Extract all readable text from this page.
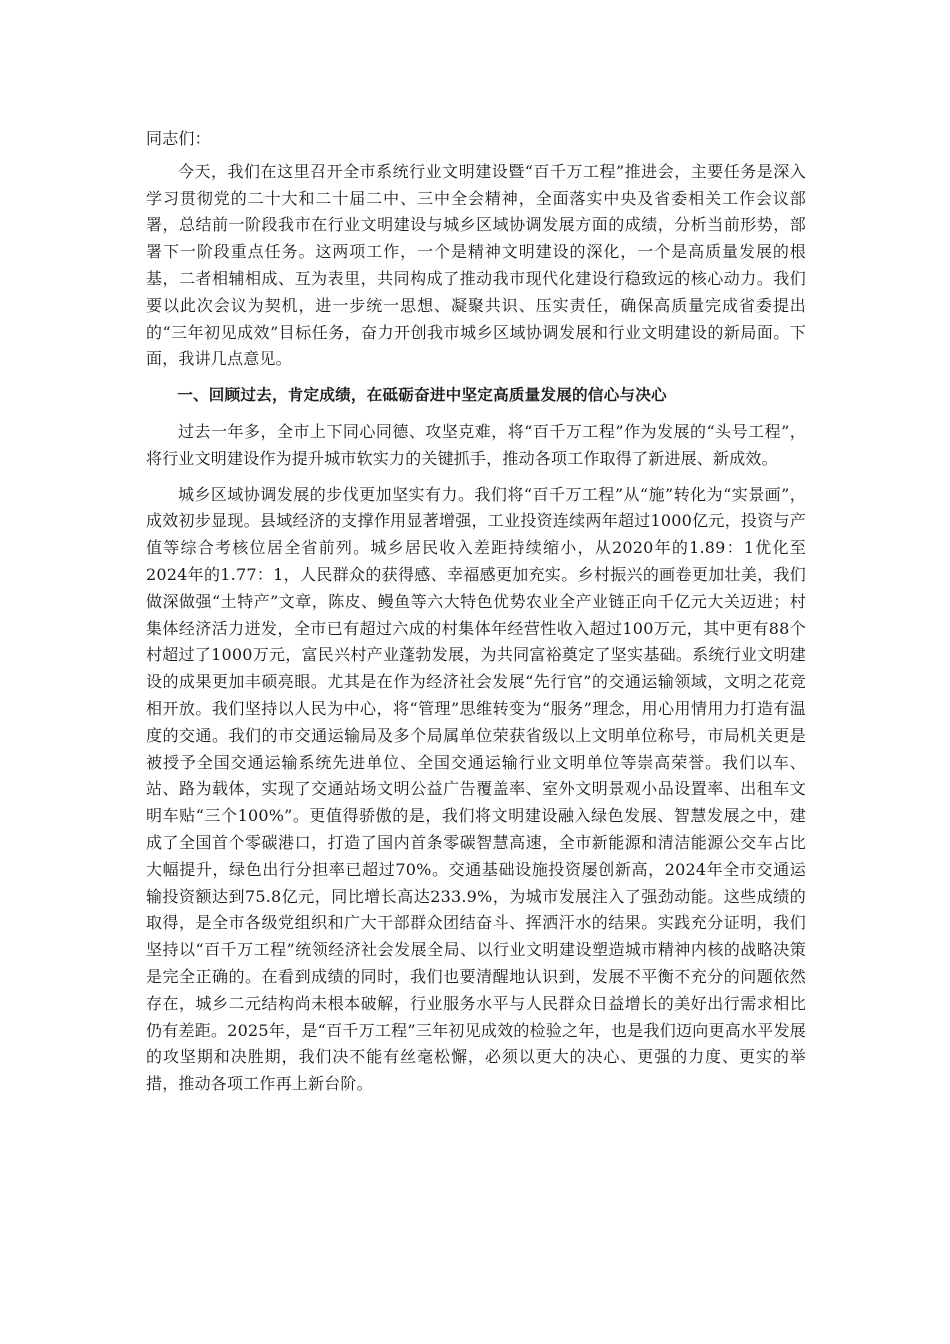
同志们：

今天，我们在这里召开全市系统行业文明建设暨“百千万工程”推进会，主要任务是深入学习贯彻党的二十大和二十届二中、三中全会精神，全面落实中央及省委相关工作会议部署，总结前一阶段我市在行业文明建设与城乡区域协调发展方面的成绩，分析当前形势，部署下一阶段重点任务。这两项工作，一个是精神文明建设的深化，一个是高质量发展的根基，二者相辅相成、互为表里，共同构成了推动我市现代化建设行稳致远的核心动力。我们要以此次会议为契机，进一步统一思想、凝聚共识、压实责任，确保高质量完成省委提出的“三年初见成效”目标任务，奋力开创我市城乡区域协调发展和行业文明建设的新局面。下面，我讲几点意见。

一、回顾过去，肯定成绩，在砥砺奋进中坚定高质量发展的信心与决心

过去一年多，全市上下同心同德、攻坚克难，将“百千万工程”作为发展的“头号工程”，将行业文明建设作为提升城市软实力的关键抓手，推动各项工作取得了新进展、新成效。

城乡区域协调发展的步伐更加坚实有力。我们将“百千万工程”从“施”转化为“实景画”，成效初步显现。县域经济的支撑作用显著增强，工业投资连续两年超过1000亿元，投资与产值等综合考核位居全省前列。城乡居民收入差距持续缩小，从2020年的1.89：1优化至2024年的1.77：1，人民群众的获得感、幸福感更加充实。乡村振兴的画卷更加壮美，我们做深做强“土特产”文章，陈皮、鳗鱼等六大特色优势农业全产业链正向千亿元大关迈进；村集体经济活力迸发，全市已有超过六成的村集体年经营性收入超过100万元，其中更有88个村超过了1000万元，富民兴村产业蓬勃发展，为共同富裕奠定了坚实基础。系统行业文明建设的成果更加丰硕亮眼。尤其是在作为经济社会发展“先行官”的交通运输领域，文明之花竞相开放。我们坚持以人民为中心，将“管理”思维转变为“服务”理念，用心用情用力打造有温度的交通。我们的市交通运输局及多个局属单位荣获省级以上文明单位称号，市局机关更是被授予全国交通运输系统先进单位、全国交通运输行业文明单位等崇高荣誉。我们以车、站、路为载体，实现了交通站场文明公益广告覆盖率、室外文明景观小品设置率、出租车文明车贴“三个100%”。更值得骄傲的是，我们将文明建设融入绿色发展、智慧发展之中，建成了全国首个零碳港口，打造了国内首条零碳智慧高速，全市新能源和清洁能源公交车占比大幅提升，绿色出行分担率已超过70%。交通基础设施投资屡创新高，2024年全市交通运输投资额达到75.8亿元，同比增长高达233.9%，为城市发展注入了强劲动能。这些成绩的取得，是全市各级党组织和广大干部群众团结奋斗、挥洒汗水的结果。实践充分证明，我们坚持以“百千万工程”统领经济社会发展全局、以行业文明建设塑造城市精神内核的战略决策是完全正确的。在看到成绩的同时，我们也要清醒地认识到，发展不平衡不充分的问题依然存在，城乡二元结构尚未根本破解，行业服务水平与人民群众日益增长的美好出行需求相比仍有差距。2025年，是“百千万工程”三年初见成效的检验之年，也是我们迈向更高水平发展的攻坚期和决胜期，我们决不能有丝毫松懈，必须以更大的决心、更强的力度、更实的举措，推动各项工作再上新台阶。
